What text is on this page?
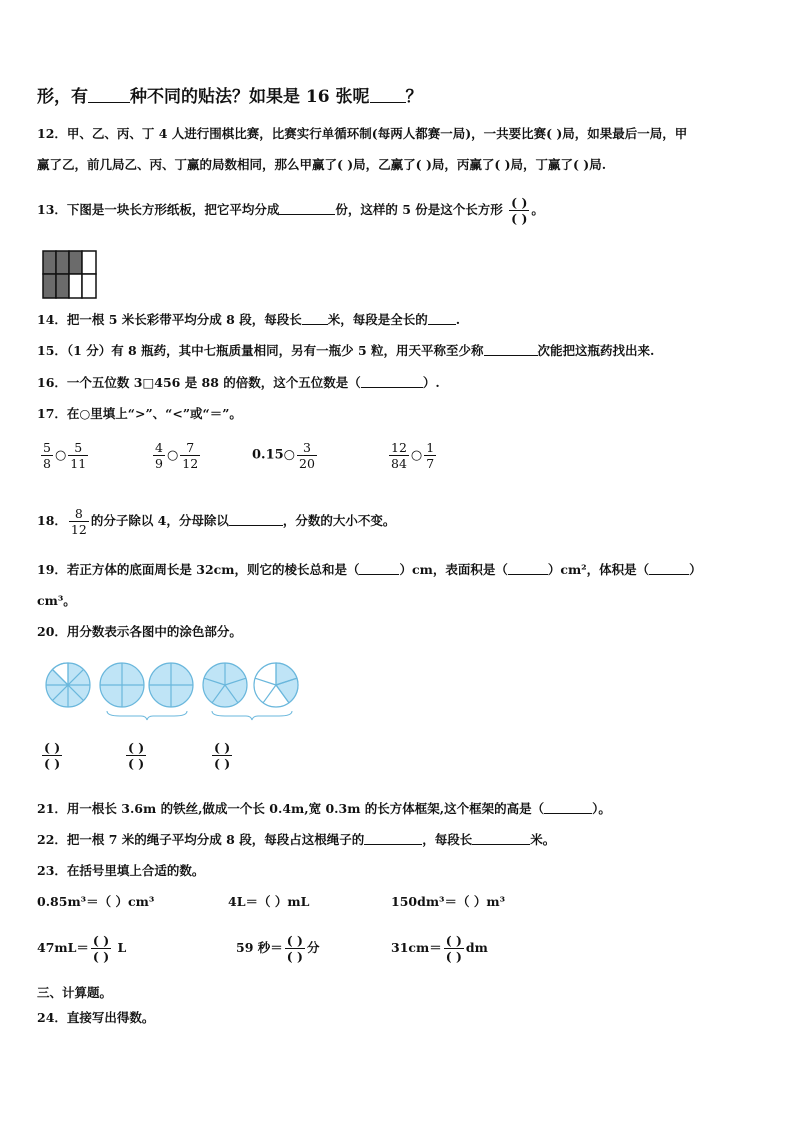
形，有 种不同的贴法？如果是 16 张呢 ？
12．甲、乙、丙、丁 4 人进行围棋比赛，比赛实行单循环制(每两人都赛一局)，一共要比赛( )局，如果最后一局，甲
赢了乙，前几局乙、丙、丁赢的局数相同，那么甲赢了( )局，乙赢了( )局，丙赢了( )局，丁赢了( )局.
13．下图是一块长方形纸板，把它平均分成	份，这样的 5 份是这个长方形 $\frac{( )}{( )}$ 。
14．把一根 5 米长彩带平均分成 8 段，每段长 米，每段是全长的 .
15．（1 分）有 8 瓶药，其中七瓶质量相同，另有一瓶少 5 粒，用天平称至少称	次能把这瓶药找出来.
16．一个五位数 3□456 是 88 的倍数，这个五位数是（	）.
17．在○里填上“>”、“<”或“＝”。
$\frac{5}{8}$ ○ $\frac{5}{11}$	$\frac{4}{9}$ ○ $\frac{7}{12}$	0.15○ $\frac{3}{20}$	$\frac{12}{84}$ ○ $\frac{1}{7}$
18． $\frac{8}{12}$ 的分子除以 4，分母除以	，分数的大小不变。
19．若正方体的底面周长是 32cm，则它的棱长总和是（	）cm，表面积是（	）cm²，体积是（	）
cm³。
20．用分数表示各图中的涂色部分。
( )
( )
( )
( )
( )
( )
21．用一根长 3.6m 的铁丝,做成一个长 0.4m,宽 0.3m 的长方体框架,这个框架的高是（	）。
22．把一根 7 米的绳子平均分成 8 段，每段占这根绳子的	，每段长	米。
23．在括号里填上合适的数。
0.85m³＝（ ）cm³	4L＝（ ）mL	150dm³＝（ ）m³
$47mL= \frac{( )}{( )}$ L	59 秒＝ $\frac{( )}{( )}$ 分	$31cm= \frac{( )}{( )}$ dm
三、计算题。
24．直接写出得数。
